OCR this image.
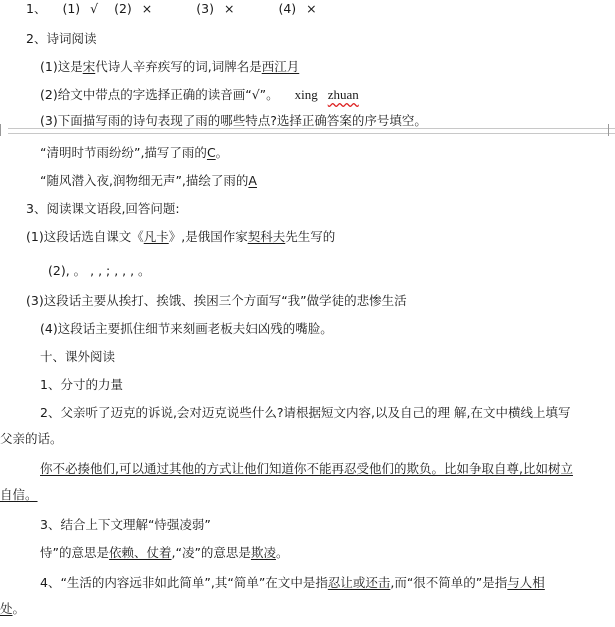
1、 (1) √ (2) ×	(3) ×	(4) ×
2、诗词阅读
(1)这是宋代诗人辛弃疾写的词,词牌名是西江月
(2)给文中带点的字选择正确的读音画“√”。 xing zhuan
(3)下面描写雨的诗句表现了雨的哪些特点?选择正确答案的序号填空。
“清明时节雨纷纷”,描写了雨的C。
“随风潜入夜,润物细无声”,描绘了雨的A
3、阅读课文语段,回答问题:
(1)这段话选自课文《凡卡》,是俄国作家契科夫先生写的
(2), 。 , , ; , , , 。
(3)这段话主要从挨打、挨饿、挨困三个方面写“我”做学徒的悲惨生活
(4)这段话主要抓住细节来刻画老板夫妇凶残的嘴脸。
十、课外阅读
1、分寸的力量
2、父亲听了迈克的诉说,会对迈克说些什么?请根据短文内容,以及自己的理 解,在文中横线上填写
父亲的话。
你不必揍他们,可以通过其他的方式让他们知道你不能再忍受他们的欺负。比如争取自尊,比如树立
自信。
3、结合上下文理解“恃强凌弱”
恃”的意思是依赖、仗着,“凌”的意思是欺凌。
4、“生活的内容远非如此简单”,其“简单”在文中是指忍让或还击,而“很不简单的”是指与人相
处。
